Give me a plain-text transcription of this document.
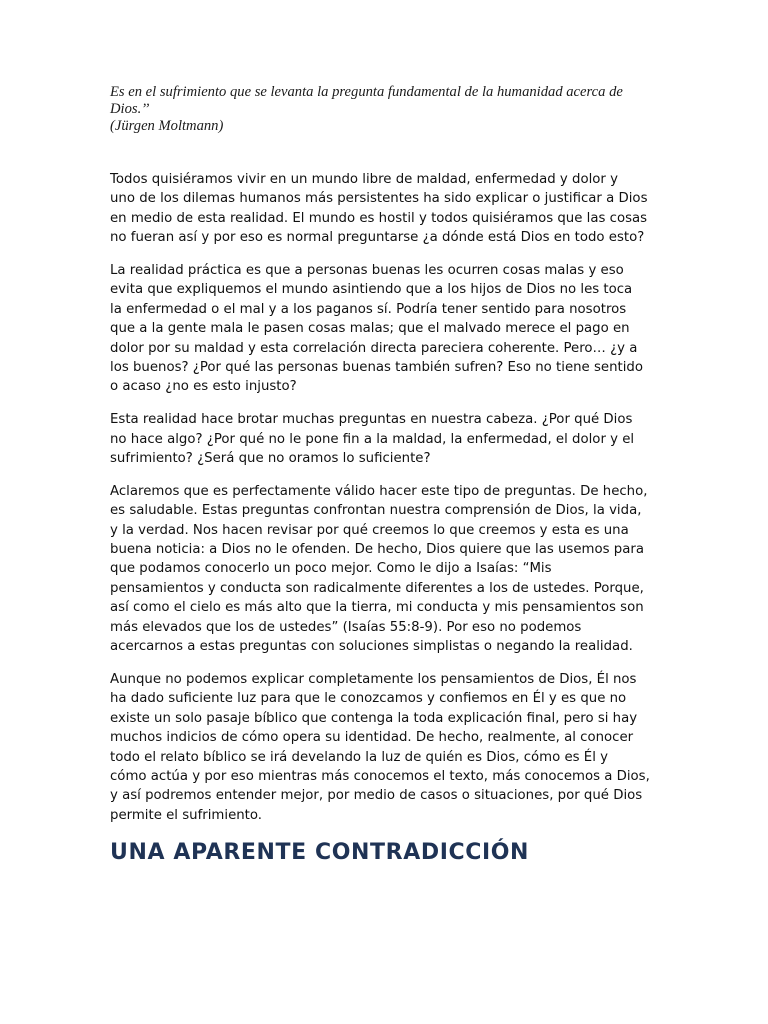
Es en el sufrimiento que se levanta la pregunta fundamental de la humanidad acerca de
Dios.’’
(Jürgen Moltmann)

Todos quisiéramos vivir en un mundo libre de maldad, enfermedad y dolor y
uno de los dilemas humanos más persistentes ha sido explicar o justificar a Dios
en medio de esta realidad. El mundo es hostil y todos quisiéramos que las cosas
no fueran así y por eso es normal preguntarse ¿a dónde está Dios en todo esto?

La realidad práctica es que a personas buenas les ocurren cosas malas y eso
evita que expliquemos el mundo asintiendo que a los hijos de Dios no les toca
la enfermedad o el mal y a los paganos sí. Podría tener sentido para nosotros
que a la gente mala le pasen cosas malas; que el malvado merece el pago en
dolor por su maldad y esta correlación directa pareciera coherente. Pero… ¿y a
los buenos? ¿Por qué las personas buenas también sufren? Eso no tiene sentido
o acaso ¿no es esto injusto?

Esta realidad hace brotar muchas preguntas en nuestra cabeza. ¿Por qué Dios
no hace algo? ¿Por qué no le pone fin a la maldad, la enfermedad, el dolor y el
sufrimiento? ¿Será que no oramos lo suficiente?

Aclaremos que es perfectamente válido hacer este tipo de preguntas. De hecho,
es saludable. Estas preguntas confrontan nuestra comprensión de Dios, la vida,
y la verdad. Nos hacen revisar por qué creemos lo que creemos y esta es una
buena noticia: a Dios no le ofenden. De hecho, Dios quiere que las usemos para
que podamos conocerlo un poco mejor. Como le dijo a Isaías: “Mis
pensamientos y conducta son radicalmente diferentes a los de ustedes. Porque,
así como el cielo es más alto que la tierra, mi conducta y mis pensamientos son
más elevados que los de ustedes” (Isaías 55:8-9). Por eso no podemos
acercarnos a estas preguntas con soluciones simplistas o negando la realidad.

Aunque no podemos explicar completamente los pensamientos de Dios, Él nos
ha dado suficiente luz para que le conozcamos y confiemos en Él y es que no
existe un solo pasaje bíblico que contenga la toda explicación final, pero si hay
muchos indicios de cómo opera su identidad. De hecho, realmente, al conocer
todo el relato bíblico se irá develando la luz de quién es Dios, cómo es Él y
cómo actúa y por eso mientras más conocemos el texto, más conocemos a Dios,
y así podremos entender mejor, por medio de casos o situaciones, por qué Dios
permite el sufrimiento.

UNA APARENTE CONTRADICCIÓN
